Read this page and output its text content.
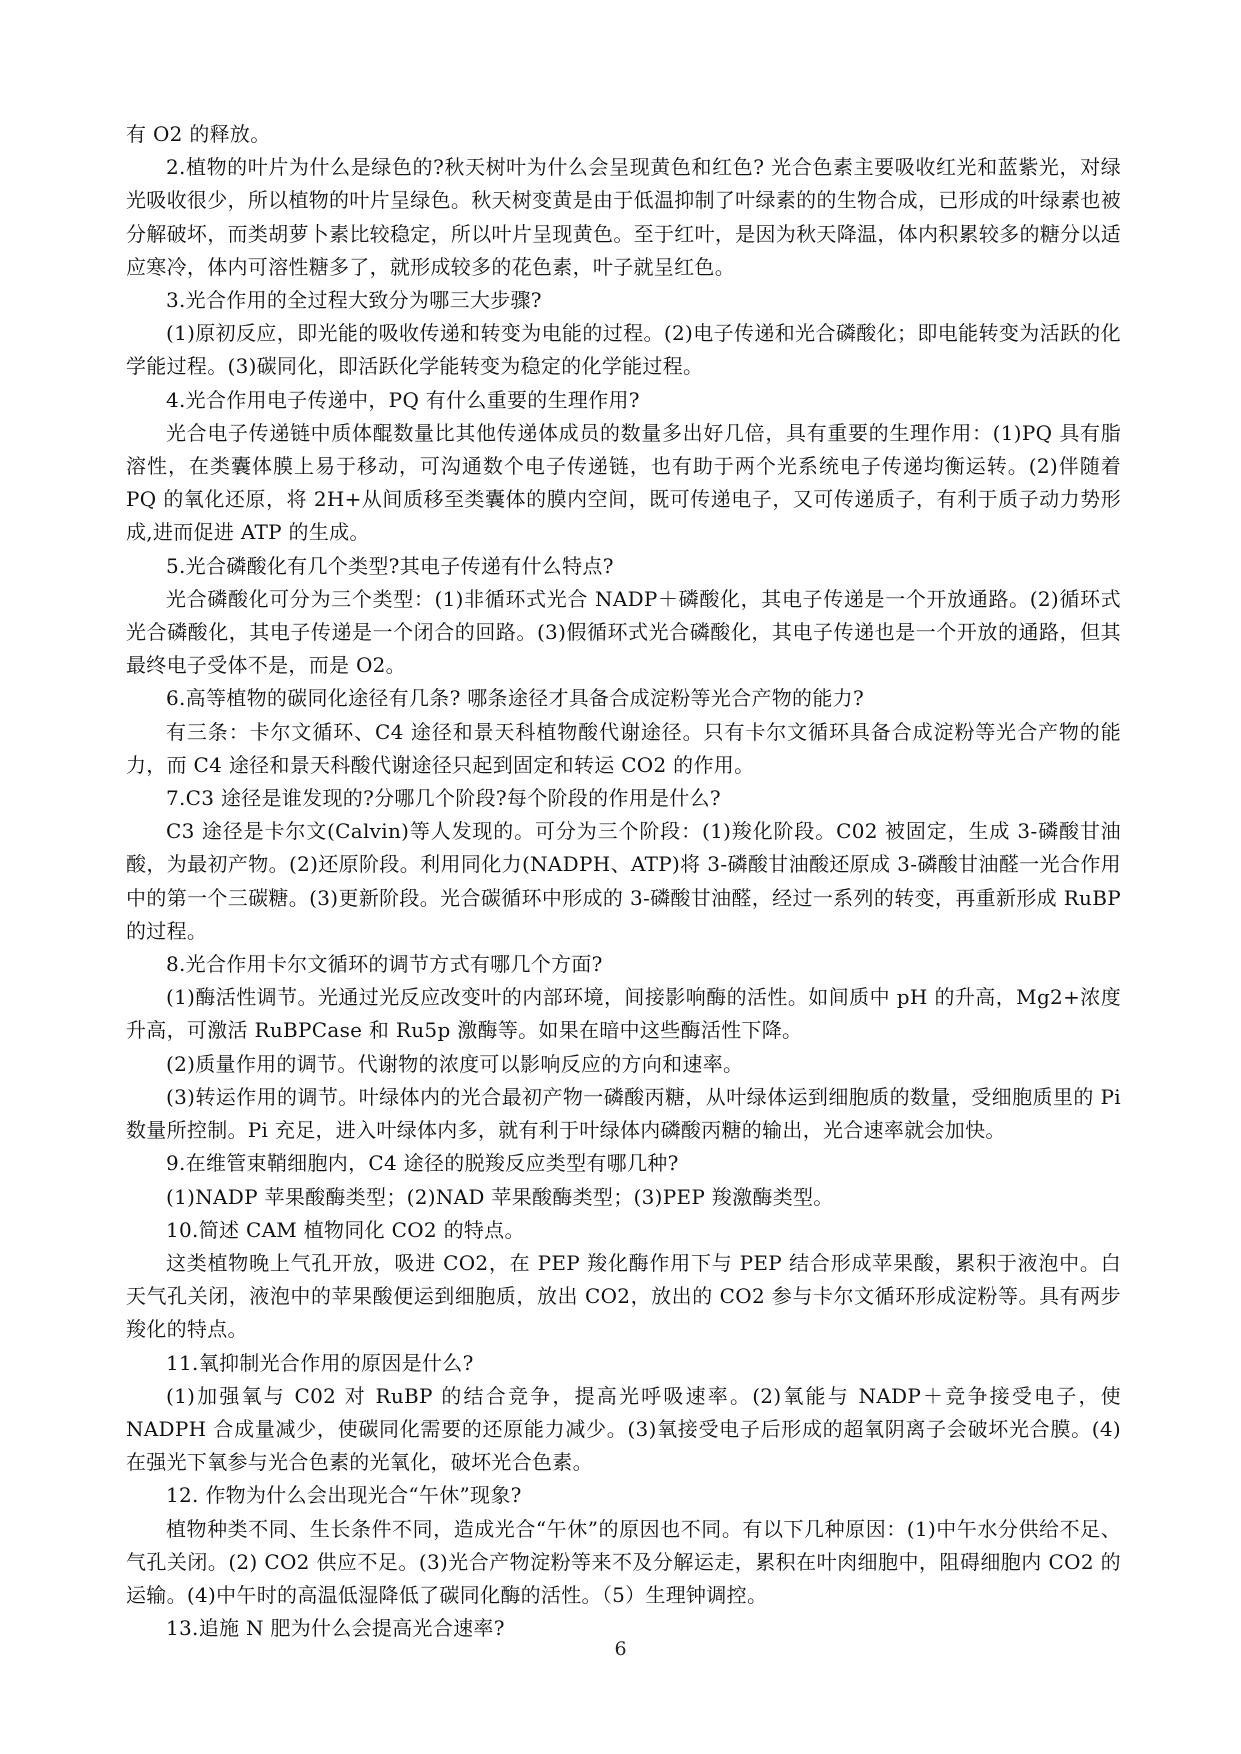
有 O2 的释放。

2.植物的叶片为什么是绿色的?秋天树叶为什么会呈现黄色和红色? 光合色素主要吸收红光和蓝紫光，对绿光吸收很少，所以植物的叶片呈绿色。秋天树变黄是由于低温抑制了叶绿素的的生物合成，已形成的叶绿素也被分解破坏，而类胡萝卜素比较稳定，所以叶片呈现黄色。至于红叶，是因为秋天降温，体内积累较多的糖分以适应寒冷，体内可溶性糖多了，就形成较多的花色素，叶子就呈红色。

3.光合作用的全过程大致分为哪三大步骤?

(1)原初反应，即光能的吸收传递和转变为电能的过程。(2)电子传递和光合磷酸化；即电能转变为活跃的化学能过程。(3)碳同化，即活跃化学能转变为稳定的化学能过程。

4.光合作用电子传递中，PQ 有什么重要的生理作用?

光合电子传递链中质体醌数量比其他传递体成员的数量多出好几倍，具有重要的生理作用：(1)PQ 具有脂溶性，在类囊体膜上易于移动，可沟通数个电子传递链，也有助于两个光系统电子传递均衡运转。(2)伴随着 PQ 的氧化还原，将 2H+从间质移至类囊体的膜内空间，既可传递电子，又可传递质子，有利于质子动力势形成,进而促进 ATP 的生成。

5.光合磷酸化有几个类型?其电子传递有什么特点?

光合磷酸化可分为三个类型：(1)非循环式光合 NADP＋磷酸化，其电子传递是一个开放通路。(2)循环式光合磷酸化，其电子传递是一个闭合的回路。(3)假循环式光合磷酸化，其电子传递也是一个开放的通路，但其最终电子受体不是，而是 O2。

6.高等植物的碳同化途径有几条? 哪条途径才具备合成淀粉等光合产物的能力?

有三条：卡尔文循环、C4 途径和景天科植物酸代谢途径。只有卡尔文循环具备合成淀粉等光合产物的能力，而 C4 途径和景天科酸代谢途径只起到固定和转运 CO2 的作用。

7.C3 途径是谁发现的?分哪几个阶段?每个阶段的作用是什么?

C3 途径是卡尔文(Calvin)等人发现的。可分为三个阶段：(1)羧化阶段。C02 被固定，生成 3-磷酸甘油酸，为最初产物。(2)还原阶段。利用同化力(NADPH、ATP)将 3-磷酸甘油酸还原成 3-磷酸甘油醛一光合作用中的第一个三碳糖。(3)更新阶段。光合碳循环中形成的 3-磷酸甘油醛，经过一系列的转变，再重新形成 RuBP 的过程。

8.光合作用卡尔文循环的调节方式有哪几个方面?

(1)酶活性调节。光通过光反应改变叶的内部环境，间接影响酶的活性。如间质中 pH 的升高，Mg2+浓度升高，可激活 RuBPCase 和 Ru5p 激酶等。如果在暗中这些酶活性下降。

(2)质量作用的调节。代谢物的浓度可以影响反应的方向和速率。

(3)转运作用的调节。叶绿体内的光合最初产物一磷酸丙糖，从叶绿体运到细胞质的数量，受细胞质里的 Pi 数量所控制。Pi 充足，进入叶绿体内多，就有利于叶绿体内磷酸丙糖的输出，光合速率就会加快。

9.在维管束鞘细胞内，C4 途径的脱羧反应类型有哪几种?

(1)NADP 苹果酸酶类型；(2)NAD 苹果酸酶类型；(3)PEP 羧激酶类型。

10.简述 CAM 植物同化 CO2 的特点。

这类植物晚上气孔开放，吸进 CO2，在 PEP 羧化酶作用下与 PEP 结合形成苹果酸，累积于液泡中。白天气孔关闭，液泡中的苹果酸便运到细胞质，放出 CO2，放出的 CO2 参与卡尔文循环形成淀粉等。具有两步羧化的特点。

11.氧抑制光合作用的原因是什么?

(1)加强氧与 C02 对 RuBP 的结合竞争，提高光呼吸速率。(2)氧能与 NADP＋竞争接受电子，使 NADPH 合成量减少，使碳同化需要的还原能力减少。(3)氧接受电子后形成的超氧阴离子会破坏光合膜。(4)在强光下氧参与光合色素的光氧化，破坏光合色素。

12. 作物为什么会出现光合“午休”现象?

植物种类不同、生长条件不同，造成光合“午休”的原因也不同。有以下几种原因：(1)中午水分供给不足、气孔关闭。(2) CO2 供应不足。(3)光合产物淀粉等来不及分解运走，累积在叶肉细胞中，阻碍细胞内 CO2 的运输。(4)中午时的高温低湿降低了碳同化酶的活性。（5）生理钟调控。

13.追施 N 肥为什么会提高光合速率?

6
